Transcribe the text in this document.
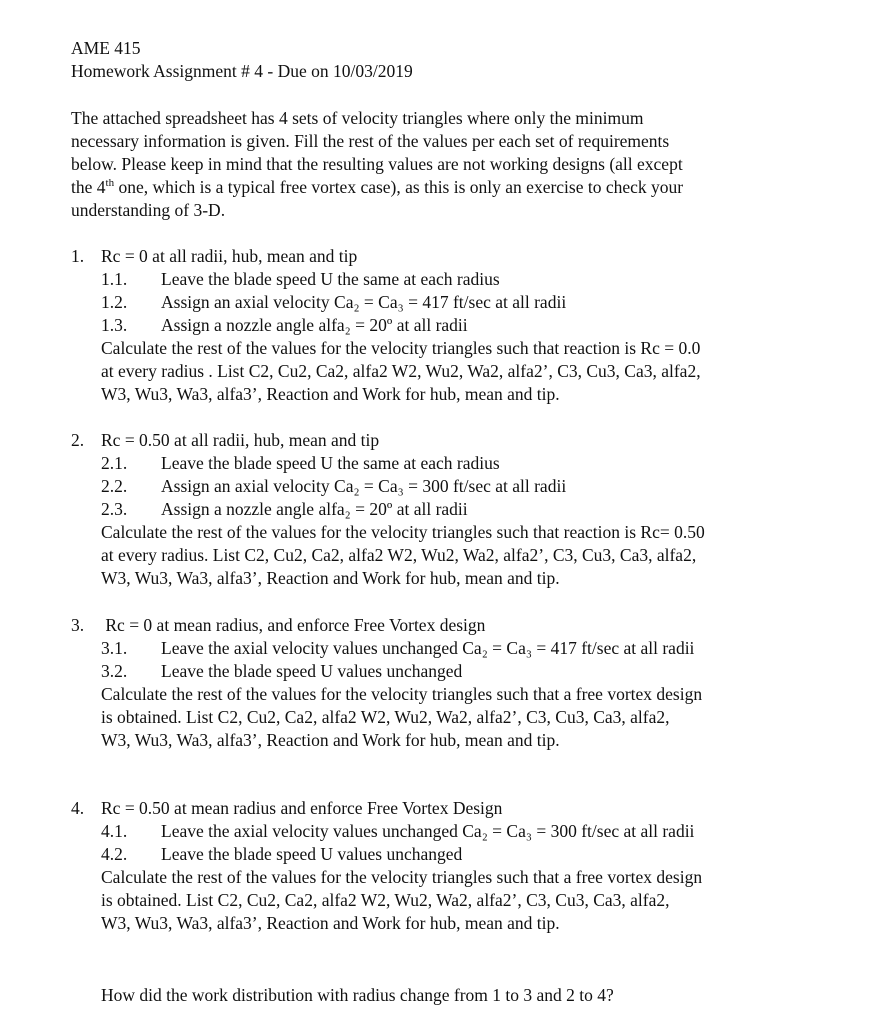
AME 415
Homework Assignment # 4 - Due on 10/03/2019
The attached spreadsheet has 4 sets of velocity triangles where only the minimum
necessary information is given. Fill the rest of the values per each set of requirements
below. Please keep in mind that the resulting values are not working designs (all except
the 4th one, which is a typical free vortex case), as this is only an exercise to check your
understanding of 3-D.
1. Rc = 0 at all radii, hub, mean and tip
1.1. Leave the blade speed U the same at each radius
1.2. Assign an axial velocity Ca₂ = Ca₃ = 417 ft/sec at all radii
1.3. Assign a nozzle angle alfa₂ = 20º at all radii
Calculate the rest of the values for the velocity triangles such that reaction is Rc = 0.0
at every radius . List C2, Cu2, Ca2, alfa2 W2, Wu2, Wa2, alfa2’, C3, Cu3, Ca3, alfa2,
W3, Wu3, Wa3, alfa3’, Reaction and Work for hub, mean and tip.
2. Rc = 0.50 at all radii, hub, mean and tip
2.1. Leave the blade speed U the same at each radius
2.2. Assign an axial velocity Ca₂ = Ca₃ = 300 ft/sec at all radii
2.3. Assign a nozzle angle alfa₂ = 20º at all radii
Calculate the rest of the values for the velocity triangles such that reaction is Rc= 0.50
at every radius. List C2, Cu2, Ca2, alfa2 W2, Wu2, Wa2, alfa2’, C3, Cu3, Ca3, alfa2,
W3, Wu3, Wa3, alfa3’, Reaction and Work for hub, mean and tip.
3. Rc = 0 at mean radius, and enforce Free Vortex design
3.1. Leave the axial velocity values unchanged Ca₂ = Ca₃ = 417 ft/sec at all radii
3.2. Leave the blade speed U values unchanged
Calculate the rest of the values for the velocity triangles such that a free vortex design
is obtained. List C2, Cu2, Ca2, alfa2 W2, Wu2, Wa2, alfa2’, C3, Cu3, Ca3, alfa2,
W3, Wu3, Wa3, alfa3’, Reaction and Work for hub, mean and tip.
4. Rc = 0.50 at mean radius and enforce Free Vortex Design
4.1. Leave the axial velocity values unchanged Ca₂ = Ca₃ = 300 ft/sec at all radii
4.2. Leave the blade speed U values unchanged
Calculate the rest of the values for the velocity triangles such that a free vortex design
is obtained. List C2, Cu2, Ca2, alfa2 W2, Wu2, Wa2, alfa2’, C3, Cu3, Ca3, alfa2,
W3, Wu3, Wa3, alfa3’, Reaction and Work for hub, mean and tip.
How did the work distribution with radius change from 1 to 3 and 2 to 4?
